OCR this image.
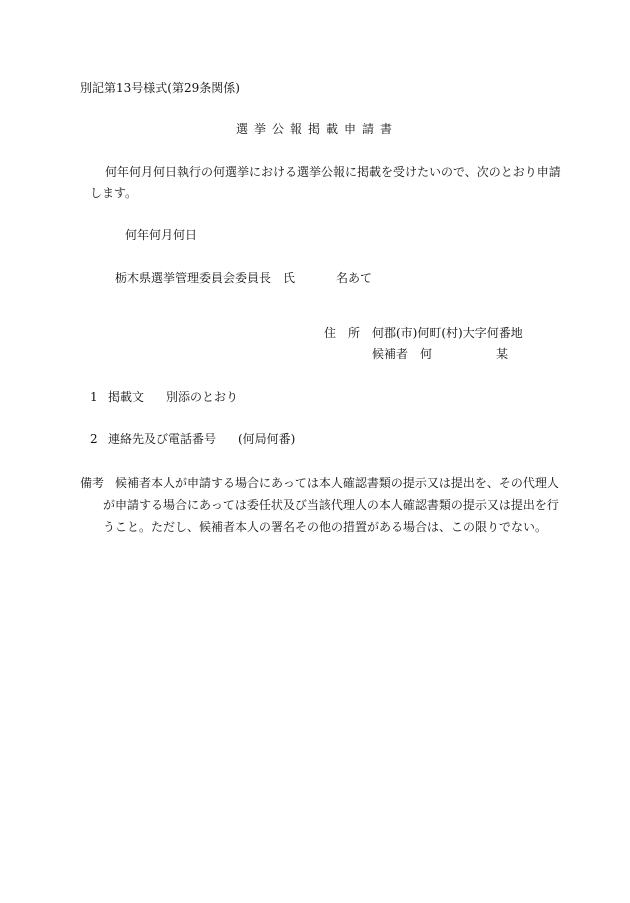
別記第13号様式(第29条関係)
選挙公報掲載申請書
何年何月何日執行の何選挙における選挙公報に掲載を受けたいので、次のとおり申請
します。
何年何月何日
栃木県選挙管理委員会委員長　氏	名あて
住　所 何郡(市)何町(村)大字何番地
候補者 何	某
1 掲載文 別添のとおり
2 連絡先及び電話番号 (何局何番)
備考 候補者本人が申請する場合にあっては本人確認書類の提示又は提出を、その代理人
が申請する場合にあっては委任状及び当該代理人の本人確認書類の提示又は提出を行
うこと。ただし、候補者本人の署名その他の措置がある場合は、この限りでない。
